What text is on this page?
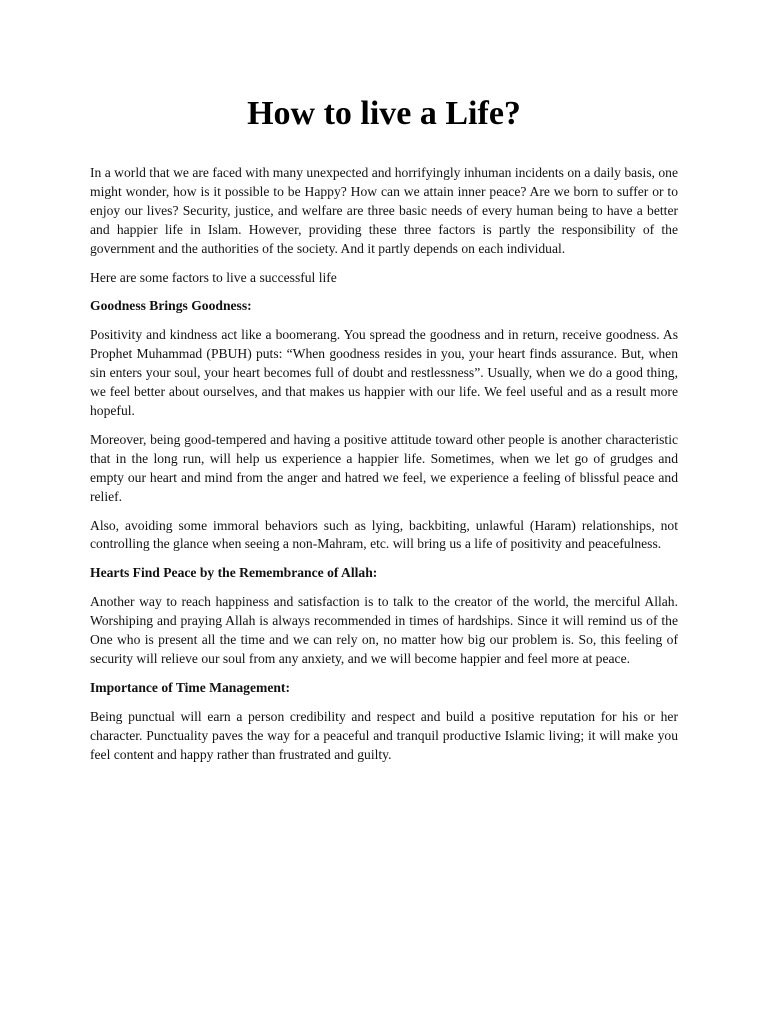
How to live a Life?

In a world that we are faced with many unexpected and horrifyingly inhuman incidents on a daily basis, one might wonder, how is it possible to be Happy? How can we attain inner peace? Are we born to suffer or to enjoy our lives? Security, justice, and welfare are three basic needs of every human being to have a better and happier life in Islam. However, providing these three factors is partly the responsibility of the government and the authorities of the society. And it partly depends on each individual.

Here are some factors to live a successful life

Goodness Brings Goodness:

Positivity and kindness act like a boomerang. You spread the goodness and in return, receive goodness. As Prophet Muhammad (PBUH) puts: “When goodness resides in you, your heart finds assurance. But, when sin enters your soul, your heart becomes full of doubt and restlessness”. Usually, when we do a good thing, we feel better about ourselves, and that makes us happier with our life. We feel useful and as a result more hopeful.

Moreover, being good-tempered and having a positive attitude toward other people is another characteristic that in the long run, will help us experience a happier life. Sometimes, when we let go of grudges and empty our heart and mind from the anger and hatred we feel, we experience a feeling of blissful peace and relief.

Also, avoiding some immoral behaviors such as lying, backbiting, unlawful (Haram) relationships, not controlling the glance when seeing a non-Mahram, etc. will bring us a life of positivity and peacefulness.

Hearts Find Peace by the Remembrance of Allah:

Another way to reach happiness and satisfaction is to talk to the creator of the world, the merciful Allah. Worshiping and praying Allah is always recommended in times of hardships. Since it will remind us of the One who is present all the time and we can rely on, no matter how big our problem is. So, this feeling of security will relieve our soul from any anxiety, and we will become happier and feel more at peace.

Importance of Time Management:

Being punctual will earn a person credibility and respect and build a positive reputation for his or her character. Punctuality paves the way for a peaceful and tranquil productive Islamic living; it will make you feel content and happy rather than frustrated and guilty.
